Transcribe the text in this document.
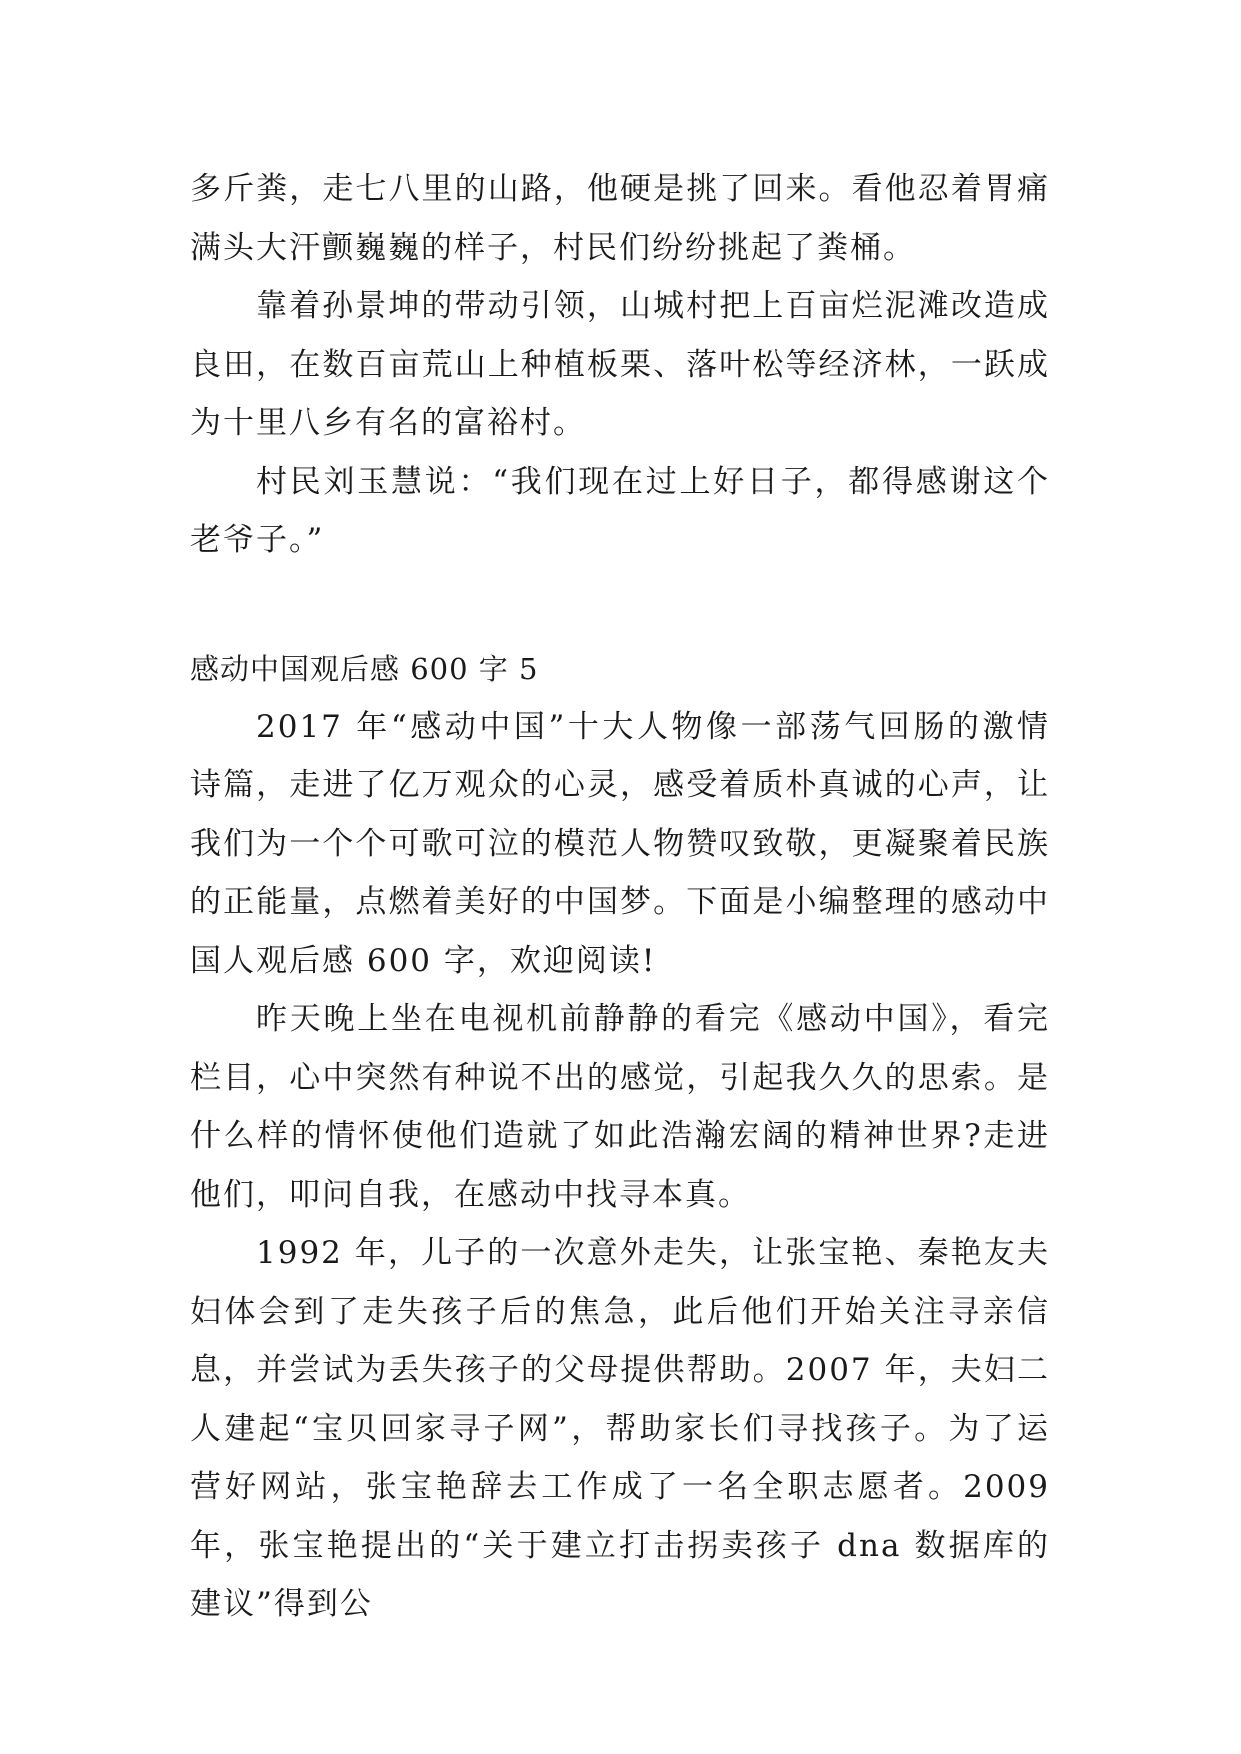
多斤粪，走七八里的山路，他硬是挑了回来。看他忍着胃痛满头大汗颤巍巍的样子，村民们纷纷挑起了粪桶。

靠着孙景坤的带动引领，山城村把上百亩烂泥滩改造成良田，在数百亩荒山上种植板栗、落叶松等经济林，一跃成为十里八乡有名的富裕村。

村民刘玉慧说：“我们现在过上好日子，都得感谢这个老爷子。”

感动中国观后感 600 字 5

2017 年“感动中国”十大人物像一部荡气回肠的激情诗篇，走进了亿万观众的心灵，感受着质朴真诚的心声，让我们为一个个可歌可泣的模范人物赞叹致敬，更凝聚着民族的正能量，点燃着美好的中国梦。下面是小编整理的感动中国人观后感 600 字，欢迎阅读!

昨天晚上坐在电视机前静静的看完《感动中国》，看完栏目，心中突然有种说不出的感觉，引起我久久的思索。是什么样的情怀使他们造就了如此浩瀚宏阔的精神世界?走进他们，叩问自我，在感动中找寻本真。

1992 年，儿子的一次意外走失，让张宝艳、秦艳友夫妇体会到了走失孩子后的焦急，此后他们开始关注寻亲信息，并尝试为丢失孩子的父母提供帮助。2007 年，夫妇二人建起“宝贝回家寻子网”，帮助家长们寻找孩子。为了运营好网站，张宝艳辞去工作成了一名全职志愿者。2009 年，张宝艳提出的“关于建立打击拐卖孩子 dna 数据库的建议”得到公
